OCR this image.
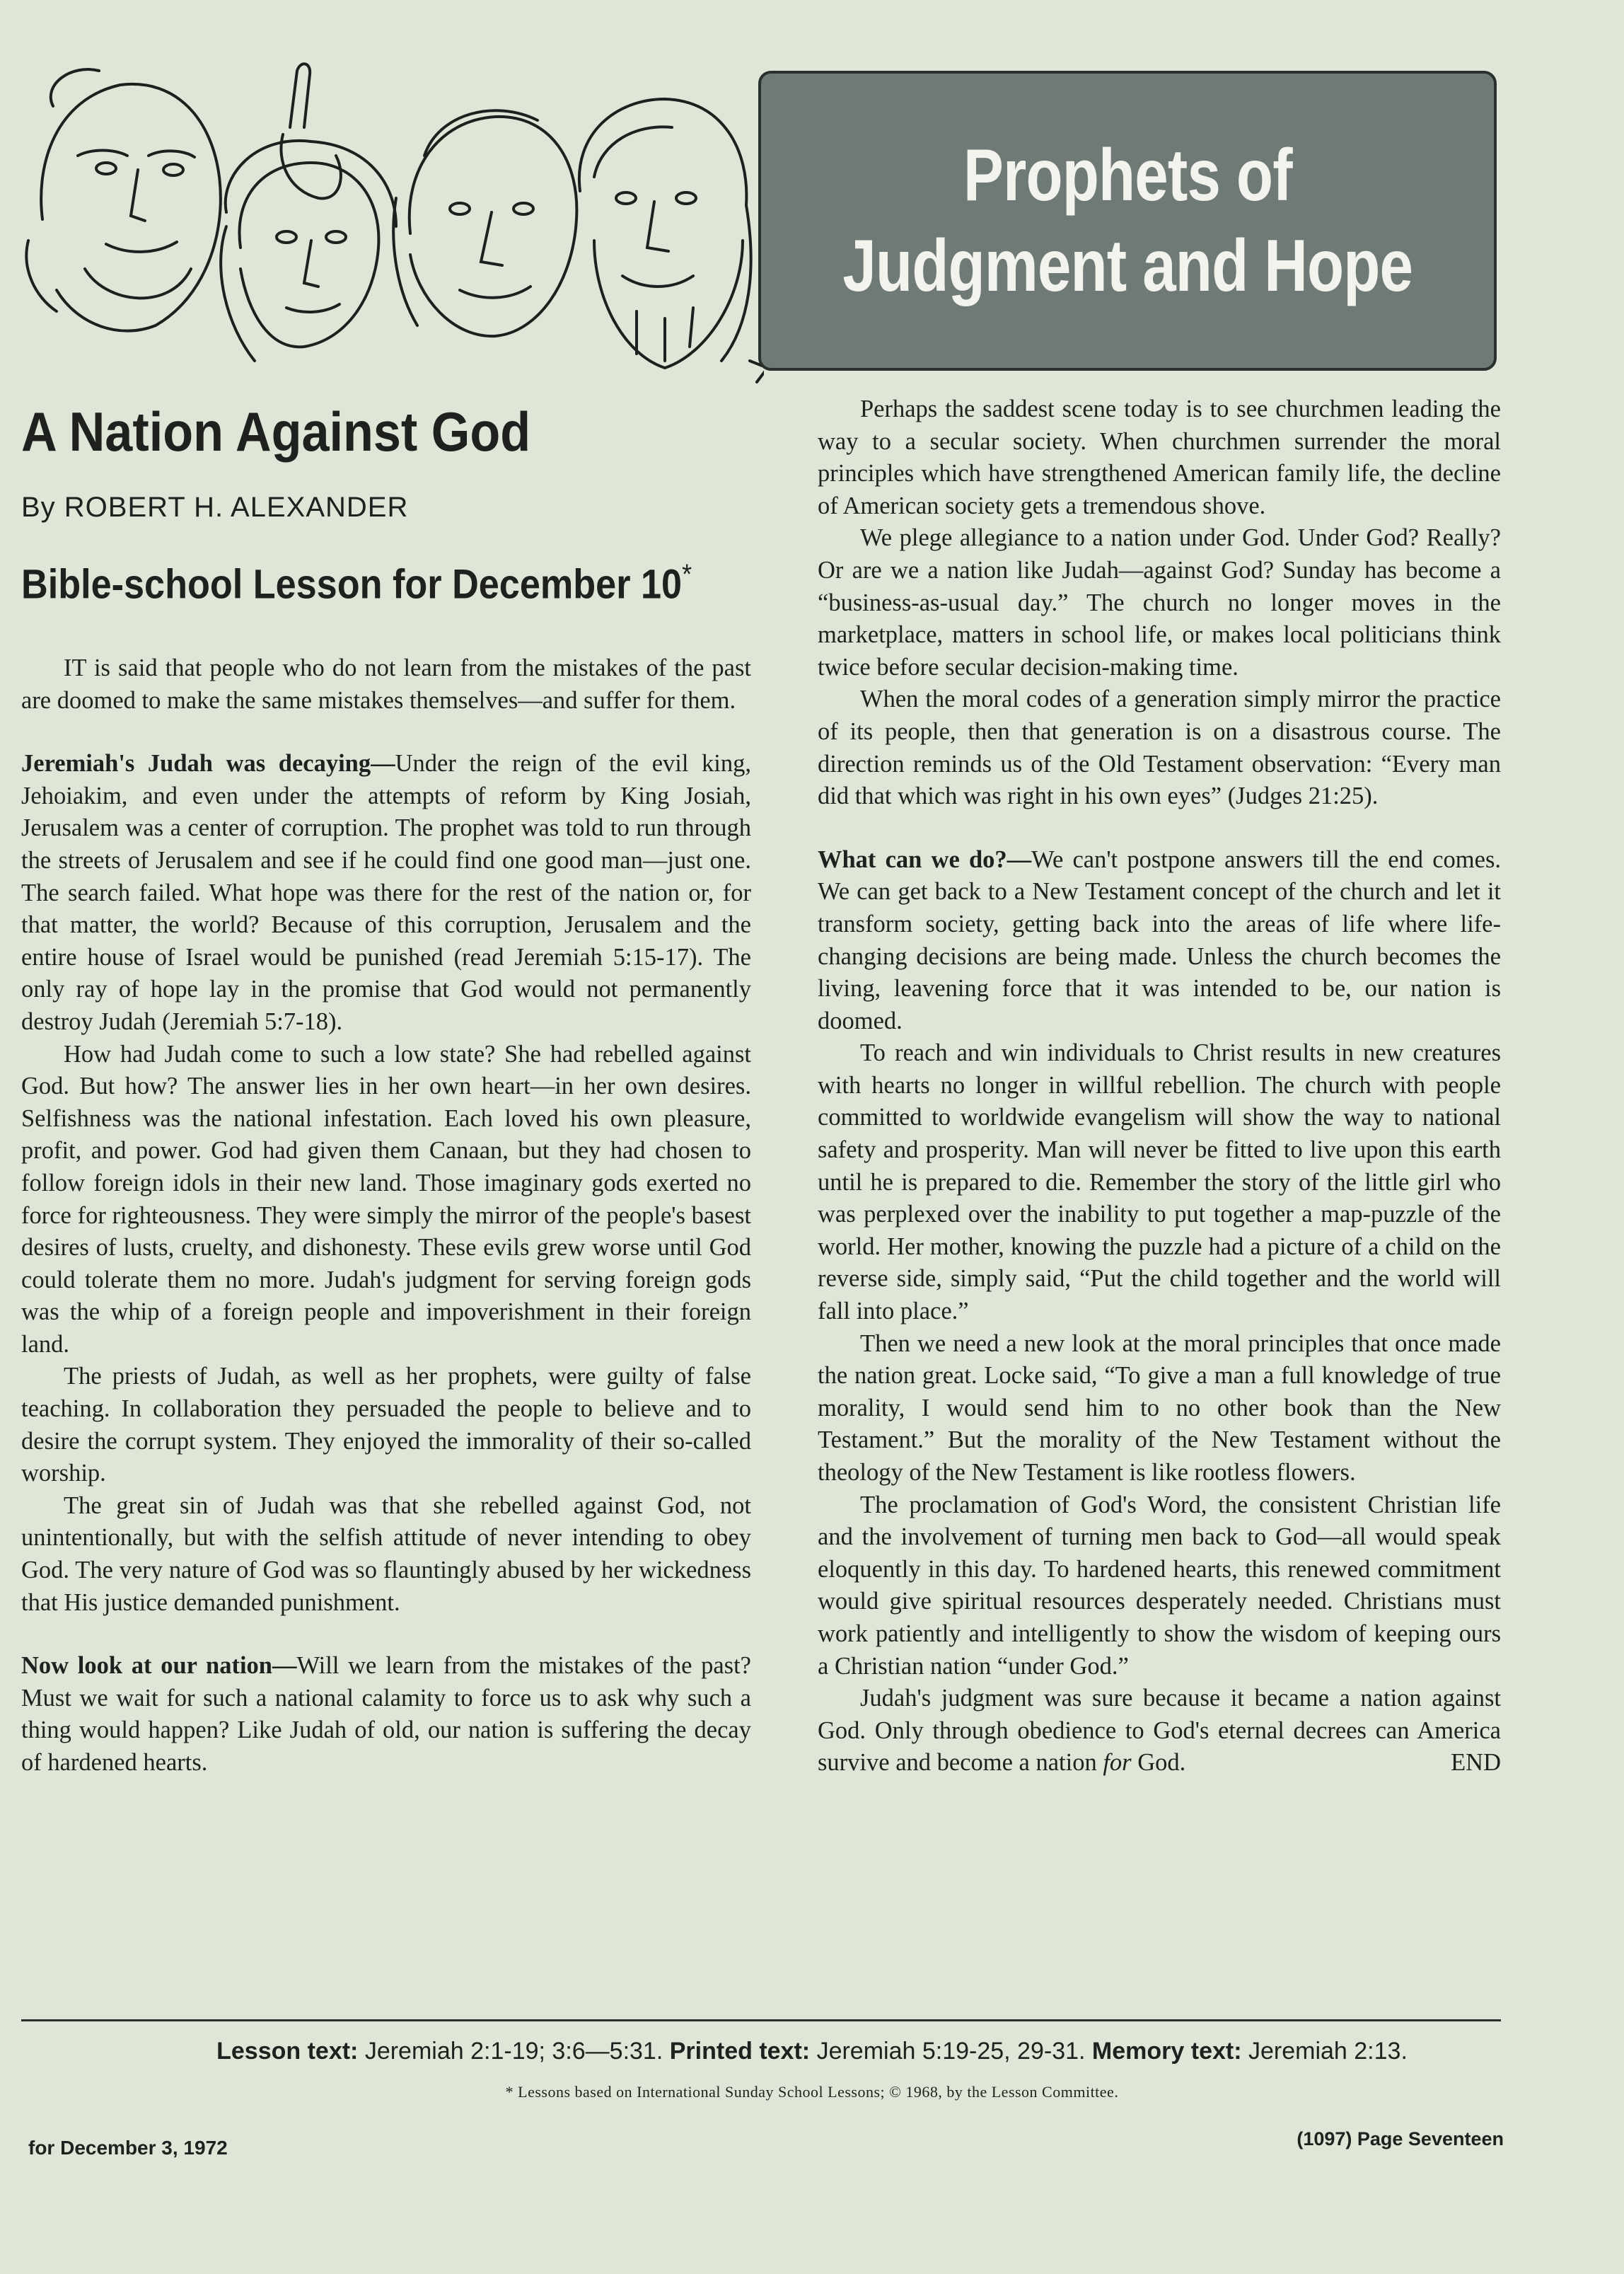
Prophets of
Judgment and Hope
A Nation Against God
By ROBERT H. ALEXANDER
Bible-school Lesson for December 10*

IT is said that people who do not learn from the mistakes of the past are doomed to make the same mistakes themselves—and suffer for them.

Jeremiah's Judah was decaying—Under the reign of the evil king, Jehoiakim, and even under the attempts of reform by King Josiah, Jerusalem was a center of corruption. The prophet was told to run through the streets of Jerusalem and see if he could find one good man—just one. The search failed. What hope was there for the rest of the nation or, for that matter, the world? Because of this corruption, Jerusalem and the entire house of Israel would be punished (read Jeremiah 5:15-17). The only ray of hope lay in the promise that God would not permanently destroy Judah (Jeremiah 5:7-18).

How had Judah come to such a low state? She had rebelled against God. But how? The answer lies in her own heart—in her own desires. Selfishness was the national infestation. Each loved his own pleasure, profit, and power. God had given them Canaan, but they had chosen to follow foreign idols in their new land. Those imaginary gods exerted no force for righteousness. They were simply the mirror of the people's basest desires of lusts, cruelty, and dishonesty. These evils grew worse until God could tolerate them no more. Judah's judgment for serving foreign gods was the whip of a foreign people and impoverishment in their foreign land.

The priests of Judah, as well as her prophets, were guilty of false teaching. In collaboration they persuaded the people to believe and to desire the corrupt system. They enjoyed the immorality of their so-called worship.

The great sin of Judah was that she rebelled against God, not unintentionally, but with the selfish attitude of never intending to obey God. The very nature of God was so flauntingly abused by her wickedness that His justice demanded punishment.

Now look at our nation—Will we learn from the mistakes of the past? Must we wait for such a national calamity to force us to ask why such a thing would happen? Like Judah of old, our nation is suffering the decay of hardened hearts.

Perhaps the saddest scene today is to see churchmen leading the way to a secular society. When churchmen surrender the moral principles which have strengthened American family life, the decline of American society gets a tremendous shove.

We plege allegiance to a nation under God. Under God? Really? Or are we a nation like Judah—against God? Sunday has become a “business-as-usual day.” The church no longer moves in the marketplace, matters in school life, or makes local politicians think twice before secular decision-making time.

When the moral codes of a generation simply mirror the practice of its people, then that generation is on a disastrous course. The direction reminds us of the Old Testament observation: “Every man did that which was right in his own eyes” (Judges 21:25).

What can we do?—We can't postpone answers till the end comes. We can get back to a New Testament concept of the church and let it transform society, getting back into the areas of life where life-changing decisions are being made. Unless the church becomes the living, leavening force that it was intended to be, our nation is doomed.

To reach and win individuals to Christ results in new creatures with hearts no longer in willful rebellion. The church with people committed to worldwide evangelism will show the way to national safety and prosperity. Man will never be fitted to live upon this earth until he is prepared to die. Remember the story of the little girl who was perplexed over the inability to put together a map-puzzle of the world. Her mother, knowing the puzzle had a picture of a child on the reverse side, simply said, “Put the child together and the world will fall into place.”

Then we need a new look at the moral principles that once made the nation great. Locke said, “To give a man a full knowledge of true morality, I would send him to no other book than the New Testament.” But the morality of the New Testament without the theology of the New Testament is like rootless flowers.

The proclamation of God's Word, the consistent Christian life and the involvement of turning men back to God—all would speak eloquently in this day. To hardened hearts, this renewed commitment would give spiritual resources desperately needed. Christians must work patiently and intelligently to show the wisdom of keeping ours a Christian nation “under God.”

Judah's judgment was sure because it became a nation against God. Only through obedience to God's eternal decrees can America survive and become a nation for God.	END

Lesson text: Jeremiah 2:1-19; 3:6—5:31. Printed text: Jeremiah 5:19-25, 29-31. Memory text: Jeremiah 2:13.
* Lessons based on International Sunday School Lessons; © 1968, by the Lesson Committee.
for December 3, 1972	(1097) Page Seventeen
